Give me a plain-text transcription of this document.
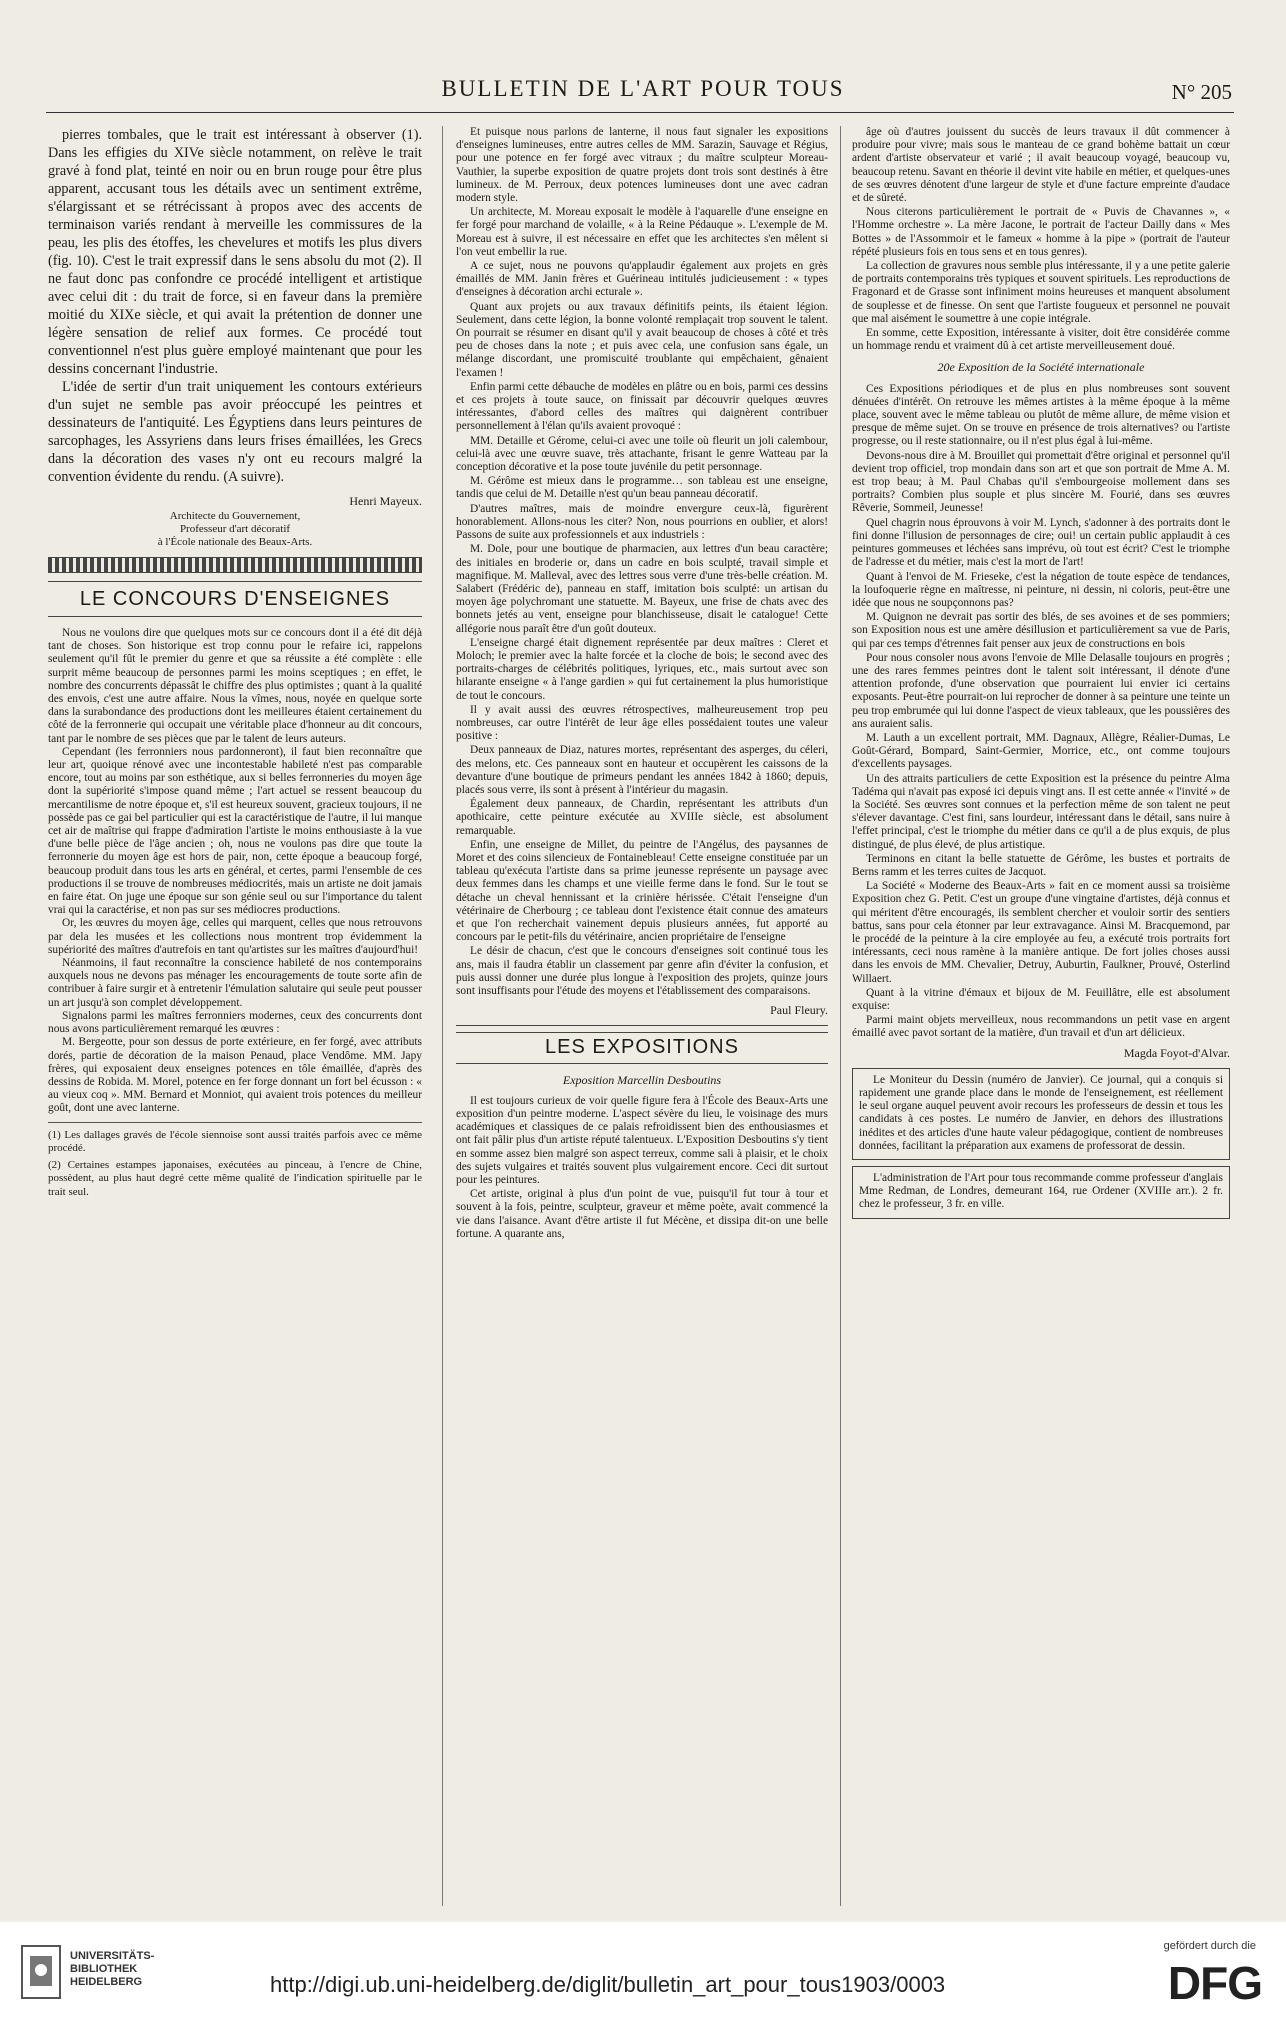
BULLETIN DE L'ART POUR TOUS	N° 205

pierres tombales, que le trait est intéressant à observer (1). Dans les effigies du XIVe siècle notamment, on relève le trait gravé à fond plat, teinté en noir ou en brun rouge pour être plus apparent, accusant tous les détails avec un sentiment extrême, s'élargissant et se rétrécissant à propos avec des accents de terminaison variés rendant à merveille les commissures de la peau, les plis des étoffes, les chevelures et motifs les plus divers (fig. 10). C'est le trait expressif dans le sens absolu du mot (2). Il ne faut donc pas confondre ce procédé intelligent et artistique avec celui dit : du trait de force, si en faveur dans la première moitié du XIXe siècle, et qui avait la prétention de donner une légère sensation de relief aux formes. Ce procédé tout conventionnel n'est plus guère employé maintenant que pour les dessins concernant l'industrie.

L'idée de sertir d'un trait uniquement les contours extérieurs d'un sujet ne semble pas avoir préoccupé les peintres et dessinateurs de l'antiquité. Les Égyptiens dans leurs peintures de sarcophages, les Assyriens dans leurs frises émaillées, les Grecs dans la décoration des vases n'y ont eu recours malgré la convention évidente du rendu. (A suivre).

Henri Mayeux.
Architecte du Gouvernement,
Professeur d'art décoratif
à l'École nationale des Beaux-Arts.
LE CONCOURS D'ENSEIGNES

Nous ne voulons dire que quelques mots sur ce concours dont il a été dit déjà tant de choses. Son historique est trop connu pour le refaire ici, rappelons seulement qu'il fût le premier du genre et que sa réussite a été complète : elle surprit même beaucoup de personnes parmi les moins sceptiques ; en effet, le nombre des concurrents dépassât le chiffre des plus optimistes ; quant à la qualité des envois, c'est une autre affaire. Nous la vîmes, nous, noyée en quelque sorte dans la surabondance des productions dont les meilleures étaient certainement du côté de la ferronnerie qui occupait une véritable place d'honneur au dit concours, tant par le nombre de ses pièces que par le talent de leurs auteurs.

Cependant (les ferronniers nous pardonneront), il faut bien reconnaître que leur art, quoique rénové avec une incontestable habileté n'est pas comparable encore, tout au moins par son esthétique, aux si belles ferronneries du moyen âge dont la supériorité s'impose quand même ; l'art actuel se ressent beaucoup du mercantilisme de notre époque et, s'il est heureux souvent, gracieux toujours, il ne possède pas ce gai bel particulier qui est la caractéristique de l'autre, il lui manque cet air de maîtrise qui frappe d'admiration l'artiste le moins enthousiaste à la vue d'une belle pièce de l'âge ancien ; oh, nous ne voulons pas dire que toute la ferronnerie du moyen âge est hors de pair, non, cette époque a beaucoup forgé, beaucoup produit dans tous les arts en général, et certes, parmi l'ensemble de ces productions il se trouve de nombreuses médiocrités, mais un artiste ne doit jamais en faire état. On juge une époque sur son génie seul ou sur l'importance du talent vrai qui la caractérise, et non pas sur ses médiocres productions.

Or, les œuvres du moyen âge, celles qui marquent, celles que nous retrouvons par dela les musées et les collections nous montrent trop évidemment la supériorité des maîtres d'autrefois en tant qu'artistes sur les maîtres d'aujourd'hui!

Néanmoins, il faut reconnaître la conscience habileté de nos contemporains auxquels nous ne devons pas ménager les encouragements de toute sorte afin de contribuer à faire surgir et à entretenir l'émulation salutaire qui seule peut pousser un art jusqu'à son complet développement.

Signalons parmi les maîtres ferronniers modernes, ceux des concurrents dont nous avons particulièrement remarqué les œuvres :

M. Bergeotte, pour son dessus de porte extérieure, en fer forgé, avec attributs dorés, partie de décoration de la maison Penaud, place Vendôme. MM. Japy frères, qui exposaient deux enseignes potences en tôle émaillée, d'après des dessins de Robida. M. Morel, potence en fer forge donnant un fort bel écusson : « au vieux coq ». MM. Bernard et Monniot, qui avaient trois potences du meilleur goût, dont une avec lanterne.

(1) Les dallages gravés de l'école siennoise sont aussi traités parfois avec ce même procédé.
(2) Certaines estampes japonaises, exécutées au pinceau, à l'encre de Chine, possèdent, au plus haut degré cette même qualité de l'indication spirituelle par le trait seul.

Et puisque nous parlons de lanterne, il nous faut signaler les expositions d'enseignes lumineuses, entre autres celles de MM. Sarazin, Sauvage et Régius, pour une potence en fer forgé avec vitraux ; du maître sculpteur Moreau-Vauthier, la superbe exposition de quatre projets dont trois sont destinés à être lumineux. de M. Perroux, deux potences lumineuses dont une avec cadran modern style.

Un architecte, M. Moreau exposait le modèle à l'aquarelle d'une enseigne en fer forgé pour marchand de volaille, « à la Reine Pédauque ». L'exemple de M. Moreau est à suivre, il est nécessaire en effet que les architectes s'en mêlent si l'on veut embellir la rue.

A ce sujet, nous ne pouvons qu'applaudir également aux projets en grès émaillés de MM. Janin frères et Guérineau intitulés judicieusement : « types d'enseignes à décoration archi ecturale ».

Quant aux projets ou aux travaux définitifs peints, ils étaient légion. Seulement, dans cette légion, la bonne volonté remplaçait trop souvent le talent. On pourrait se résumer en disant qu'il y avait beaucoup de choses à côté et très peu de choses dans la note ; et puis avec cela, une confusion sans égale, un mélange discordant, une promiscuité troublante qui empêchaient, gênaient l'examen !

Enfin parmi cette débauche de modèles en plâtre ou en bois, parmi ces dessins et ces projets à toute sauce, on finissait par découvrir quelques œuvres intéressantes, d'abord celles des maîtres qui daignèrent contribuer personnellement à l'élan qu'ils avaient provoqué :

MM. Detaille et Gérome, celui-ci avec une toile où fleurit un joli calembour, celui-là avec une œuvre suave, très attachante, frisant le genre Watteau par la conception décorative et la pose toute juvénile du petit personnage.

M. Gérôme est mieux dans le programme… son tableau est une enseigne, tandis que celui de M. Detaille n'est qu'un beau panneau décoratif.

D'autres maîtres, mais de moindre envergure ceux-là, figurèrent honorablement. Allons-nous les citer? Non, nous pourrions en oublier, et alors! Passons de suite aux professionnels et aux industriels :

M. Dole, pour une boutique de pharmacien, aux lettres d'un beau caractère; des initiales en broderie or, dans un cadre en bois sculpté, travail simple et magnifique. M. Malleval, avec des lettres sous verre d'une très-belle création. M. Salabert (Frédéric de), panneau en staff, imitation bois sculpté: un artisan du moyen âge polychromant une statuette. M. Bayeux, une frise de chats avec des bonnets jetés au vent, enseigne pour blanchisseuse, disait le catalogue! Cette allégorie nous paraît être d'un goût douteux.

L'enseigne chargé était dignement représentée par deux maîtres : Cleret et Moloch; le premier avec la halte forcée et la cloche de bois; le second avec des portraits-charges de célébrités politiques, lyriques, etc., mais surtout avec son hilarante enseigne « à l'ange gardien » qui fut certainement la plus humoristique de tout le concours.

Il y avait aussi des œuvres rétrospectives, malheureusement trop peu nombreuses, car outre l'intérêt de leur âge elles possédaient toutes une valeur positive :

Deux panneaux de Diaz, natures mortes, représentant des asperges, du céleri, des melons, etc. Ces panneaux sont en hauteur et occupèrent les caissons de la devanture d'une boutique de primeurs pendant les années 1842 à 1860; depuis, placés sous verre, ils sont à présent à l'intérieur du magasin.

Également deux panneaux, de Chardin, représentant les attributs d'un apothicaire, cette peinture exécutée au XVIIIe siècle, est absolument remarquable.

Enfin, une enseigne de Millet, du peintre de l'Angélus, des paysannes de Moret et des coins silencieux de Fontainebleau! Cette enseigne constituée par un tableau qu'exécuta l'artiste dans sa prime jeunesse représente un paysage avec deux femmes dans les champs et une vieille ferme dans le fond. Sur le tout se détache un cheval hennissant et la crinière hérissée. C'était l'enseigne d'un vétérinaire de Cherbourg ; ce tableau dont l'existence était connue des amateurs et que l'on recherchait vainement depuis plusieurs années, fut apporté au concours par le petit-fils du vétérinaire, ancien propriétaire de l'enseigne

Le désir de chacun, c'est que le concours d'enseignes soit continué tous les ans, mais il faudra établir un classement par genre afin d'éviter la confusion, et puis aussi donner une durée plus longue à l'exposition des projets, quinze jours sont insuffisants pour l'étude des moyens et l'établissement des comparaisons.

Paul Fleury.
LES EXPOSITIONS
Exposition Marcellin Desboutins

Il est toujours curieux de voir quelle figure fera à l'École des Beaux-Arts une exposition d'un peintre moderne. L'aspect sévère du lieu, le voisinage des murs académiques et classiques de ce palais refroidissent bien des enthousiasmes et ont fait pâlir plus d'un artiste réputé talentueux. L'Exposition Desboutins s'y tient en somme assez bien malgré son aspect terreux, comme sali à plaisir, et le choix des sujets vulgaires et traités souvent plus vulgairement encore. Ceci dit surtout pour les peintures.

Cet artiste, original à plus d'un point de vue, puisqu'il fut tour à tour et souvent à la fois, peintre, sculpteur, graveur et même poète, avait commencé la vie dans l'aisance. Avant d'être artiste il fut Mécène, et dissipa dit-on une belle fortune. A quarante ans,

âge où d'autres jouissent du succès de leurs travaux il dût commencer à produire pour vivre; mais sous le manteau de ce grand bohème battait un cœur ardent d'artiste observateur et varié ; il avait beaucoup voyagé, beaucoup vu, beaucoup retenu. Savant en théorie il devint vite habile en métier, et quelques-unes de ses œuvres dénotent d'une largeur de style et d'une facture empreinte d'audace et de sûreté.

Nous citerons particulièrement le portrait de « Puvis de Chavannes », « l'Homme orchestre ». La mère Jacone, le portrait de l'acteur Dailly dans « Mes Bottes » de l'Assommoir et le fameux « homme à la pipe » (portrait de l'auteur répété plusieurs fois en tous sens et en tous genres).

La collection de gravures nous semble plus intéressante, il y a une petite galerie de portraits contemporains très typiques et souvent spirituels. Les reproductions de Fragonard et de Grasse sont infiniment moins heureuses et manquent absolument de souplesse et de finesse. On sent que l'artiste fougueux et personnel ne pouvait que mal aisément le soumettre à une copie intégrale.

En somme, cette Exposition, intéressante à visiter, doit être considérée comme un hommage rendu et vraiment dû à cet artiste merveilleusement doué.

20e Exposition de la Société internationale

Ces Expositions périodiques et de plus en plus nombreuses sont souvent dénuées d'intérêt. On retrouve les mêmes artistes à la même époque à la même place, souvent avec le même tableau ou plutôt de même allure, de même vision et presque de même sujet. On se trouve en présence de trois alternatives? ou l'artiste progresse, ou il reste stationnaire, ou il n'est plus égal à lui-même.

Devons-nous dire à M. Brouillet qui promettait d'être original et personnel qu'il devient trop officiel, trop mondain dans son art et que son portrait de Mme A. M. est trop beau; à M. Paul Chabas qu'il s'embourgeoise mollement dans ses portraits? Combien plus souple et plus sincère M. Fourié, dans ses œuvres Rêverie, Sommeil, Jeunesse!

Quel chagrin nous éprouvons à voir M. Lynch, s'adonner à des portraits dont le fini donne l'illusion de personnages de cire; oui! un certain public applaudit à ces peintures gommeuses et léchées sans imprévu, où tout est écrit? C'est le triomphe de l'adresse et du métier, mais c'est la mort de l'art!

Quant à l'envoi de M. Frieseke, c'est la négation de toute espèce de tendances, la loufoquerie règne en maîtresse, ni peinture, ni dessin, ni coloris, peut-être une idée que nous ne soupçonnons pas?

M. Quignon ne devrait pas sortir des blés, de ses avoines et de ses pommiers; son Exposition nous est une amère désillusion et particulièrement sa vue de Paris, qui par ces temps d'étrennes fait penser aux jeux de constructions en bois

Pour nous consoler nous avons l'envoie de Mlle Delasalle toujours en progrès ; une des rares femmes peintres dont le talent soit intéressant, il dénote d'une attention profonde, d'une observation que pourraient lui envier ici certains exposants. Peut-être pourrait-on lui reprocher de donner à sa peinture une teinte un peu trop embrumée qui lui donne l'aspect de vieux tableaux, que les poussières des ans auraient salis.

M. Lauth a un excellent portrait, MM. Dagnaux, Allègre, Réalier-Dumas, Le Goût-Gérard, Bompard, Saint-Germier, Morrice, etc., ont comme toujours d'excellents paysages.

Un des attraits particuliers de cette Exposition est la présence du peintre Alma Tadéma qui n'avait pas exposé ici depuis vingt ans. Il est cette année « l'invité » de la Société. Ses œuvres sont connues et la perfection même de son talent ne peut s'élever davantage. C'est fini, sans lourdeur, intéressant dans le détail, sans nuire à l'effet principal, c'est le triomphe du métier dans ce qu'il a de plus exquis, de plus distingué, de plus élevé, de plus artistique.

Terminons en citant la belle statuette de Gérôme, les bustes et portraits de Berns ramm et les terres cuites de Jacquot.

La Société « Moderne des Beaux-Arts » fait en ce moment aussi sa troisième Exposition chez G. Petit. C'est un groupe d'une vingtaine d'artistes, déjà connus et qui méritent d'être encouragés, ils semblent chercher et vouloir sortir des sentiers battus, sans pour cela étonner par leur extravagance. Ainsi M. Bracquemond, par le procédé de la peinture à la cire employée au feu, a exécuté trois portraits fort intéressants, ceci nous ramène à la manière antique. De fort jolies choses aussi dans les envois de MM. Chevalier, Detruy, Auburtin, Faulkner, Prouvé, Osterlind Willaert.

Quant à la vitrine d'émaux et bijoux de M. Feuillâtre, elle est absolument exquise:

Parmi maint objets merveilleux, nous recommandons un petit vase en argent émaillé avec pavot sortant de la matière, d'un travail et d'un art délicieux.

Magda Foyot-d'Alvar.

Le Moniteur du Dessin (numéro de Janvier). Ce journal, qui a conquis si rapidement une grande place dans le monde de l'enseignement, est réellement le seul organe auquel peuvent avoir recours les professeurs de dessin et tous les candidats à ces postes. Le numéro de Janvier, en dehors des illustrations inédites et des articles d'une haute valeur pédagogique, contient de nombreuses données, facilitant la préparation aux examens de professorat de dessin.

L'administration de l'Art pour tous recommande comme professeur d'anglais Mme Redman, de Londres, demeurant 164, rue Ordener (XVIIIe arr.). 2 fr. chez le professeur, 3 fr. en ville.

UNIVERSITÄTS-
BIBLIOTHEK
HEIDELBERG	http://digi.ub.uni-heidelberg.de/diglit/bulletin_art_pour_tous1903/0003
gefördert durch die
DFG
